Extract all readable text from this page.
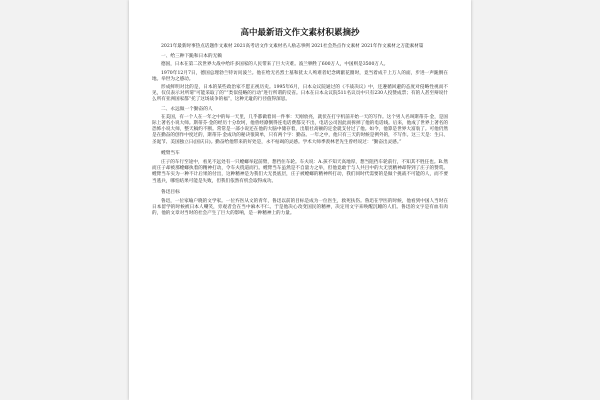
高中最新语文作文素材积累摘抄

2021年最新时事热点话题作文素材 2021高考语文作文素材名人励志事例 2021社会热点作文素材 2021年作文素材之万能素材篇

一、给三种下跪和日本的无赖

德国，日本在第二次世界大战中给许多国家的人民带来了巨大灾难。波兰牺牲了600万人，中国则是3500万人。

1970年12月7日，德国总理勃兰特访问波兰。他在给无名烈士墓和犹太人殉难者纪念碑献花圈时，竟当着成千上万人的面，步进一声跪倒在地。举世为之感动。

形成鲜明对比的是，日本的某些政治家不愿正视历史。1995年6月，日本众议院通过的《不战决议》中，还遵循回避的态度对侵略性视而不见，仅仅表示对所谓“可能采取了的”“类似侵略的行动”进行所谓的反省。日本在日本众议院511名议员中只有230人投赞成票；有的人甚至辩说什么所有亚洲国家都“托了这场战争的福”，这种无耻的行径值得深思。

二、永远做一个勤奋的人

在美国，有一个人在一年之中的每一天里，几乎都做着同一件事：天刚放亮，就伏在打字机前开始一天的写作。这个男人名叫斯蒂芬·金，是国际上著名小说大师。斯蒂芬·金的经历十分坎坷，他曾经潦倒得连电话费都交不出，电话公司因此而拆掉了他的电话线。后来，他成了世界上著名的恐怖小说大师，整天稿约不断。常常是一部小说还在他的大脑中储存着，出版社高额的定金就支付过了他。如今，他算是世界大富翁了。可他仍然是在勤奋的创作中度过的，斯蒂芬·金成功的秘诀很简单，只有两个字：勤奋。一年之中，他只有三天的时候是例外的，不写作。这三天是：生日、圣诞节、美国独立日(国庆日)。勤奋给他带来的好处是，永不枯竭的灵感。学术大师季羡林老先生曾经说过：“勤奋出灵感。”

螳臂当车

庄子的车行至途中，看见不远处有一只螳螂举起前臂，想挡住车轮。车夫说：A.孩不知天高地厚，想当阻挡车轮前行，不知其不胜任也。B.然而庄子却被那螳螂执着的精神打动，令车夫绕道而行。螳臂当车虽然是不自量力之举，但他竟敢于与人共目中的大无畏精神却得到了庄子的赞赏。螳臂当车实为一种不计后果的付出，这种精神是为我们大无畏底层，庄子被螳螂的精神所打动，我们同时代需要的是做个挑战不可能的人，而不要当逃兵，哪怕结果可能是失败，但我们依然有机会取得成功。

鲁迅目标

鲁迅，一位家喻户晓的文学家。一位弃医从文的青年，鲁迅以前的目标是成为一位医生，救死扶伤。鲁迅在学医的时候，他看到中国人当时在日本留学的时候被日本人嘲笑，旁观者会在当中麻木不仁。于是他决心改变国民的精神，决定用文字来唤醒沉睡的人们。鲁迅的文字是有血有肉的，他的文章对当时的社会产生了巨大的影响，是一种精神上的力量。
